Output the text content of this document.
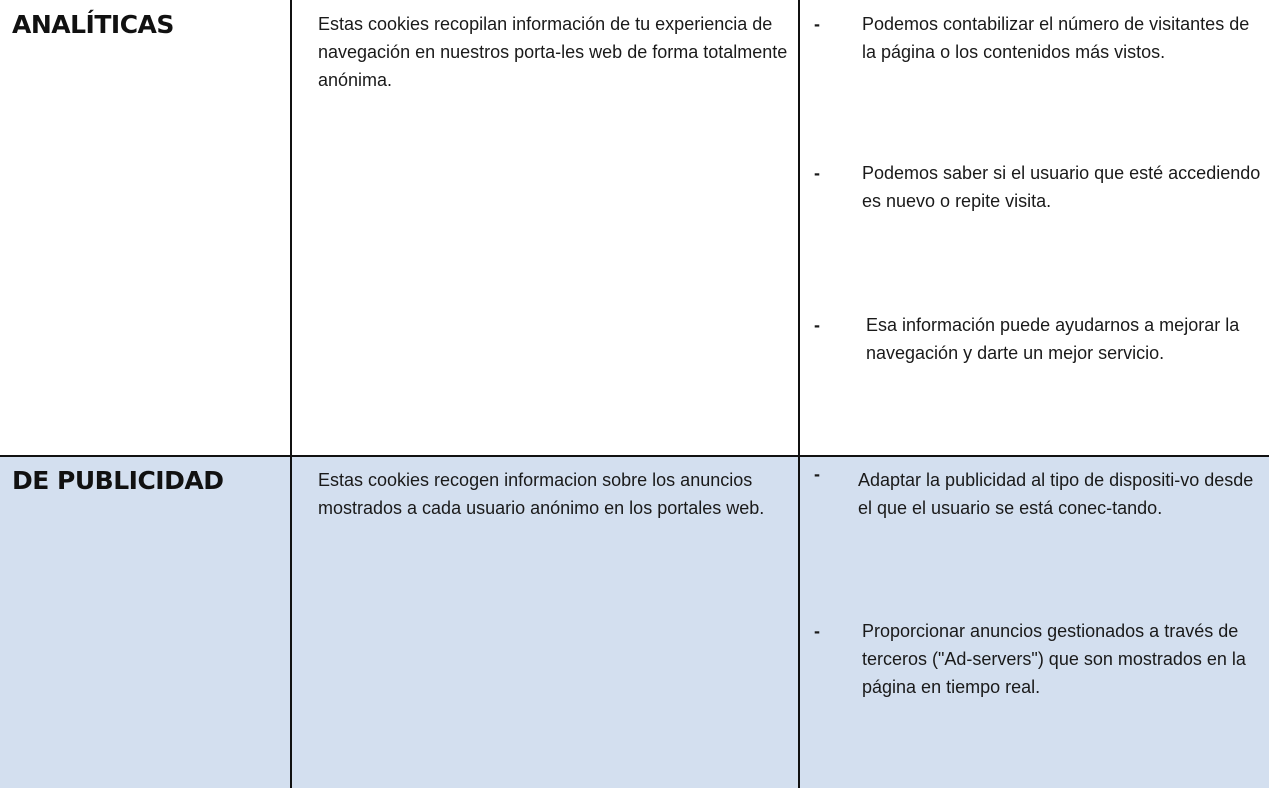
ANALÍTICAS	Estas cookies recopilan información de tu experiencia de navegación en nuestros porta-les web de forma totalmente anónima.

-	Podemos contabilizar el número de visitantes de la página o los contenidos más vistos.
-	Podemos saber si el usuario que esté accediendo es nuevo o repite visita.
-	Esa información puede ayudarnos a mejorar la navegación y darte un mejor servicio.
DE PUBLICIDAD	Estas cookies recogen informacion sobre los anuncios mostrados a cada usuario anónimo en los portales web.

-	Adaptar la publicidad al tipo de dispositi-vo desde el que el usuario se está conec-tando.
-	Proporcionar anuncios gestionados a través de terceros ("Ad-servers") que son mostrados en la página en tiempo real.
